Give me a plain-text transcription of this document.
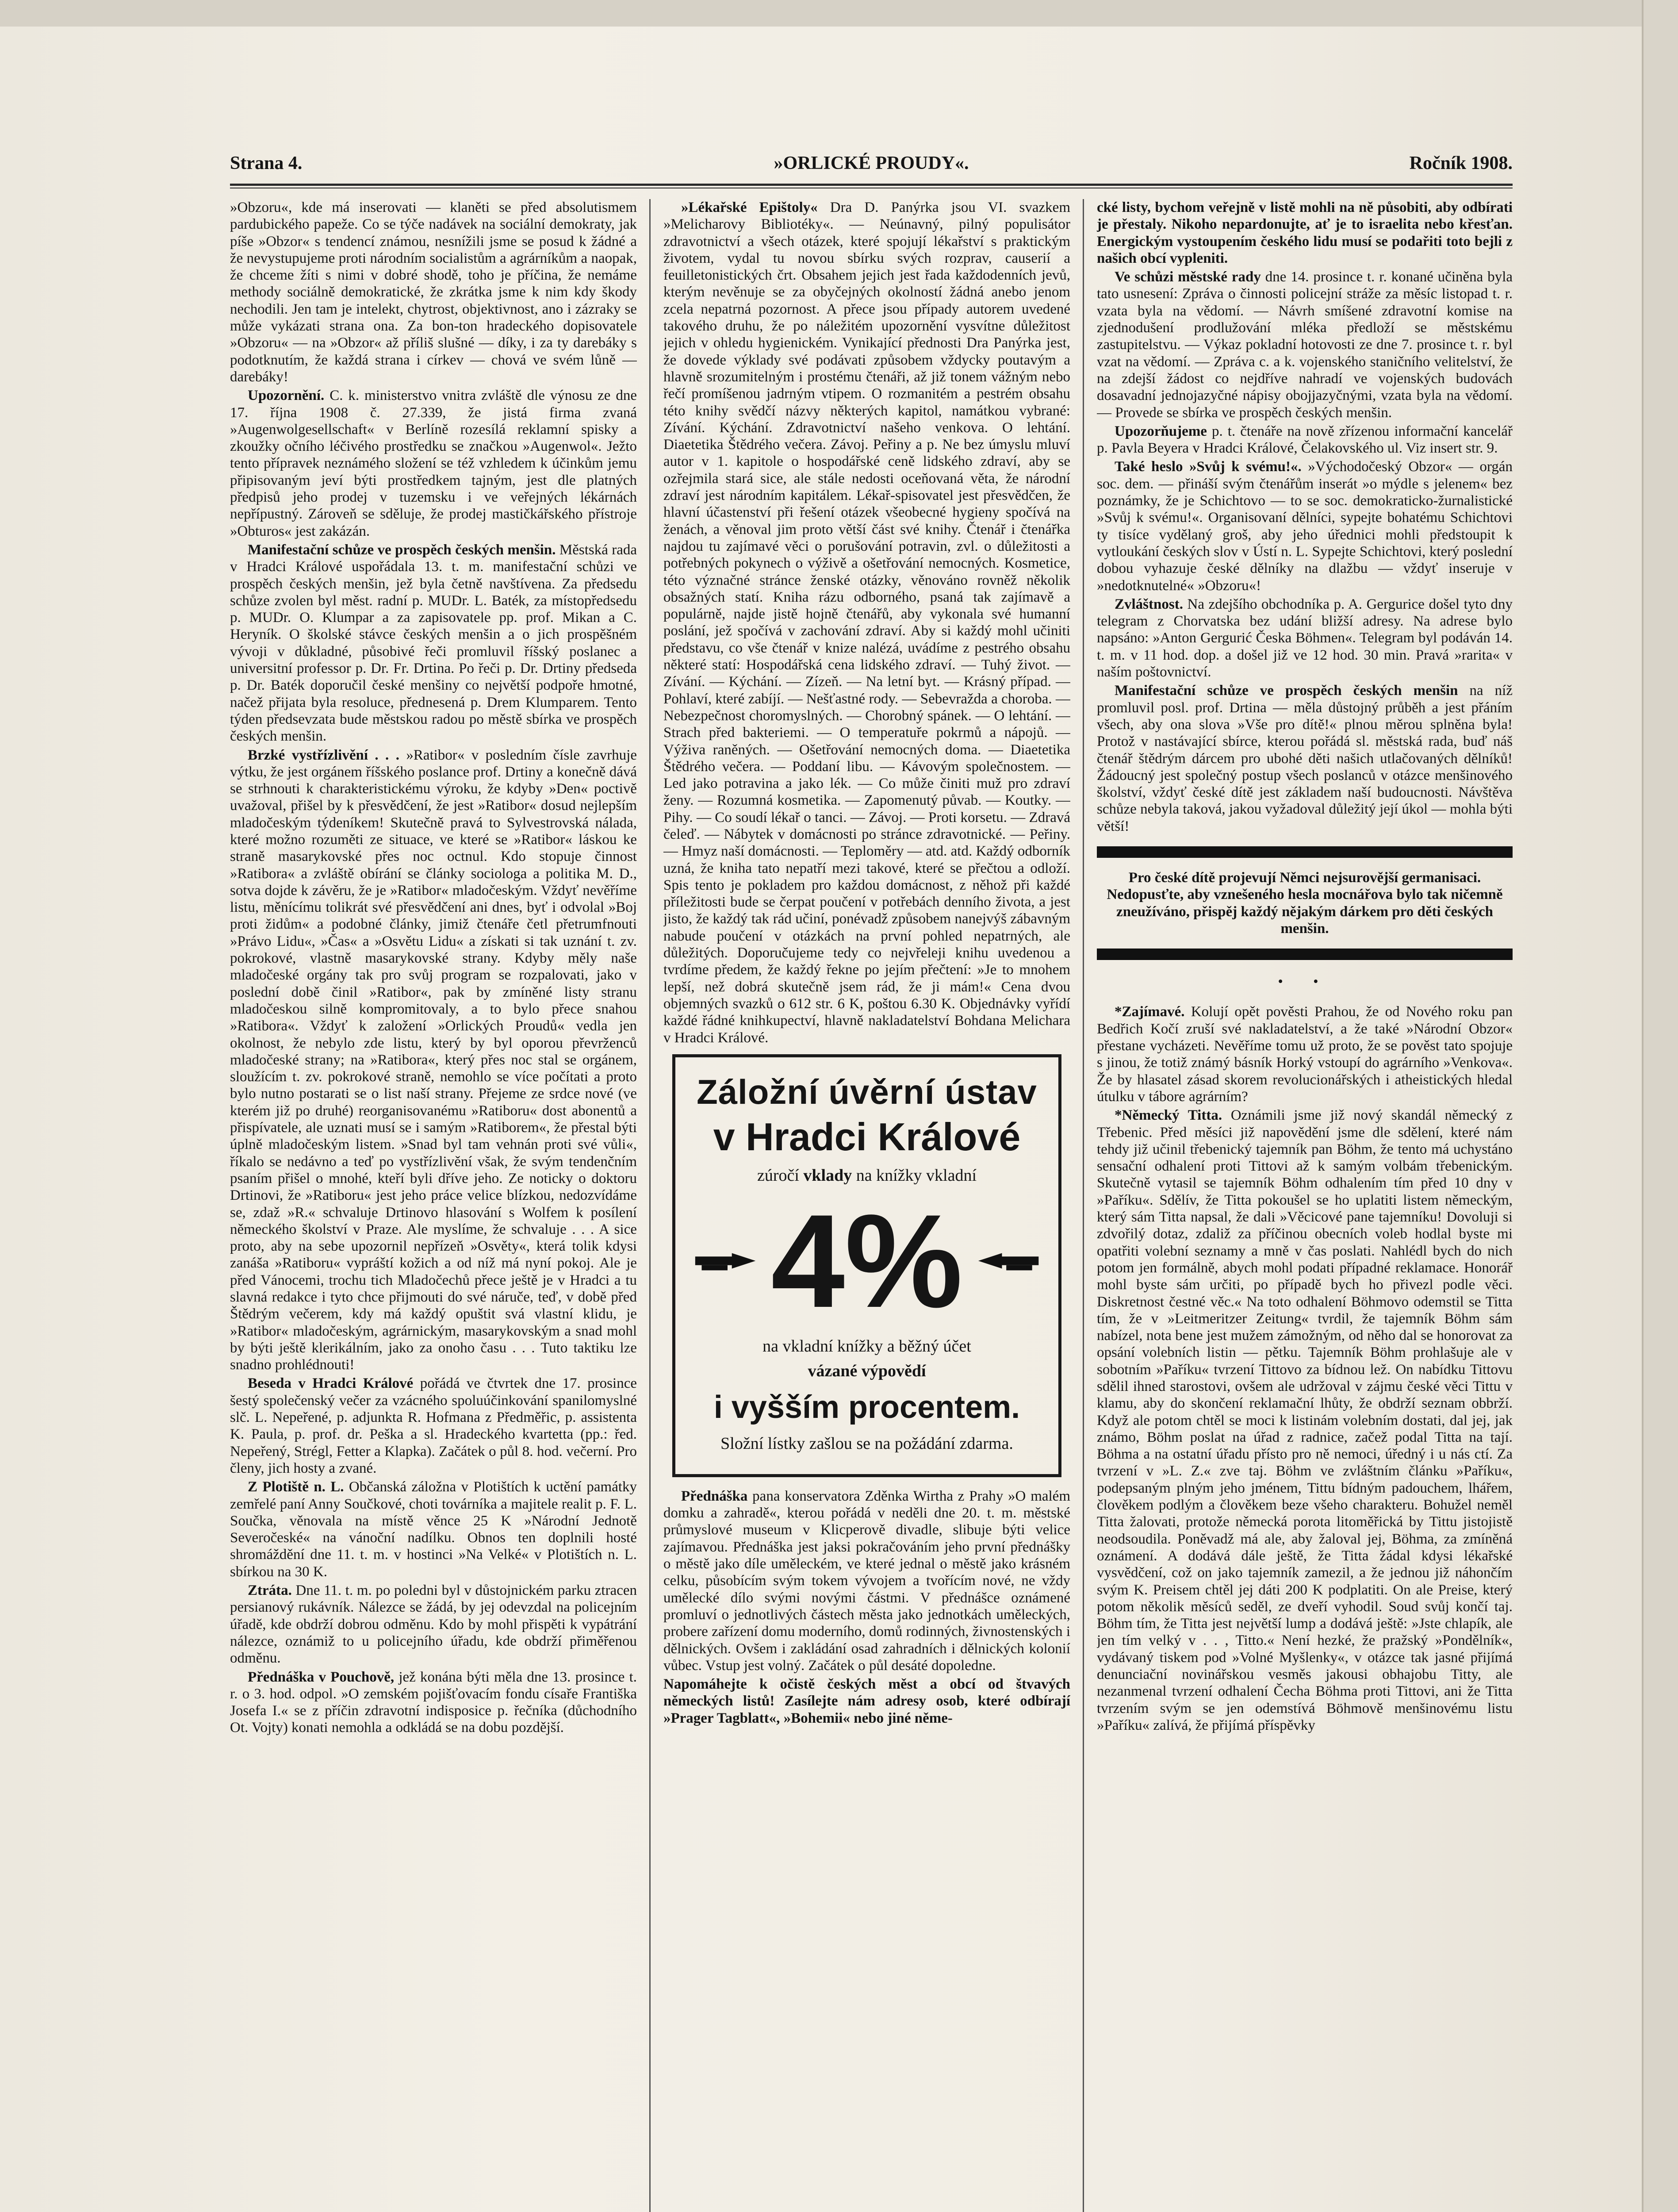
Strana 4.	»ORLICKÉ PROUDY«.	Ročník 1908.

»Obzoru«, kde má inserovati — klaněti se před absolutismem pardubického papeže. Co se týče nadávek na sociální demokraty, jak píše »Obzor« s tendencí známou, nesnížili jsme se posud k žádné a že nevystupujeme proti národním socialistům a agrárníkům a naopak, že chceme žíti s nimi v dobré shodě, toho je příčina, že nemáme methody sociálně demokratické, že zkrátka jsme k nim kdy škody nechodili. Jen tam je intelekt, chytrost, objektivnost, ano i zázraky se může vykázati strana ona. Za bon-ton hradeckého dopisovatele »Obzoru« — na »Obzor« až příliš slušné — díky, i za ty darebáky s podotknutím, že každá strana i církev — chová ve svém lůně — darebáky!

Upozornění. C. k. ministerstvo vnitra zvláště dle výnosu ze dne 17. října 1908 č. 27.339, že jistá firma zvaná »Augenwolgesellschaft« v Berlíně rozesílá reklamní spisky a zkoužky očního léčivého prostředku se značkou »Augenwol«. Ježto tento přípravek neznámého složení se též vzhledem k účinkům jemu připisovaným jeví býti prostředkem tajným, jest dle platných předpisů jeho prodej v tuzemsku i ve veřejných lékárnách nepřípustný. Zároveň se sděluje, že prodej mastičkářského přístroje »Obturos« jest zakázán.

Manifestační schůze ve prospěch českých menšin. Městská rada v Hradci Králové uspořádala 13. t. m. manifestační schůzi ve prospěch českých menšin, jež byla četně navštívena. Za předsedu schůze zvolen byl měst. radní p. MUDr. L. Baték, za místopředsedu p. MUDr. O. Klumpar a za zapisovatele pp. prof. Mikan a C. Heryník. O školské stávce českých menšin a o jich prospěšném vývoji v důkladné, působivé řeči promluvil říšský poslanec a universitní professor p. Dr. Fr. Drtina. Po řeči p. Dr. Drtiny předseda p. Dr. Baték doporučil české menšiny co největší podpoře hmotné, načež přijata byla resoluce, přednesená p. Drem Klumparem. Tento týden předsevzata bude městskou radou po městě sbírka ve prospěch českých menšin.

Brzké vystřízlivění . . . »Ratibor« v posledním čísle zavrhuje výtku, že jest orgánem říšského poslance prof. Drtiny a konečně dává se strhnouti k charakteristickému výroku, že kdyby »Den« poctivě uvažoval, přišel by k přesvědčení, že jest »Ratibor« dosud nejlepším mladočeským týdeníkem! Skutečně pravá to Sylvestrovská nálada, které možno rozuměti ze situace, ve které se »Ratibor« láskou ke straně masarykovské přes noc octnul. Kdo stopuje činnost »Ratibora« a zvláště obírání se články sociologa a politika M. D., sotva dojde k závěru, že je »Ratibor« mladočeským. Vždyť nevěříme listu, měnícímu tolikrát své přesvědčení ani dnes, byť i odvolal »Boj proti židům« a podobné články, jimiž čtenáře četl přetrumfnouti »Právo Lidu«, »Čas« a »Osvětu Lidu« a získati si tak uznání t. zv. pokrokové, vlastně masarykovské strany. Kdyby měly naše mladočeské orgány tak pro svůj program se rozpalovati, jako v poslední době činil »Ratibor«, pak by zmíněné listy stranu mladočeskou silně kompromitovaly, a to bylo přece snahou »Ratibora«. Vždyť k založení »Orlických Proudů« vedla jen okolnost, že nebylo zde listu, který by byl oporou převrženců mladočeské strany; na »Ratibora«, který přes noc stal se orgánem, sloužícím t. zv. pokrokové straně, nemohlo se více počítati a proto bylo nutno postarati se o list naší strany. Přejeme ze srdce nové (ve kterém již po druhé) reorganisovanému »Ratiboru« dost abonentů a přispívatele, ale uznati musí se i samým »Ratiborem«, že přestal býti úplně mladočeským listem. »Snad byl tam vehnán proti své vůli«, říkalo se nedávno a teď po vystřízlivění však, že svým tendenčním psaním přišel o mnohé, kteří byli dříve jeho. Ze noticky o doktoru Drtinovi, že »Ratiboru« jest jeho práce velice blízkou, nedozvídáme se, zdaž »R.« schvaluje Drtinovo hlasování s Wolfem k posílení německého školství v Praze. Ale myslíme, že schvaluje . . . A sice proto, aby na sebe upozornil nepřízeň »Osvěty«, která tolik kdysi zanáša »Ratiboru« vypráští kožich a od níž má nyní pokoj. Ale je před Vánocemi, trochu tich Mladočechů přece ještě je v Hradci a tu slavná redakce i tyto chce přijmouti do své náruče, teď, v době před Štědrým večerem, kdy má každý opuštit svá vlastní klidu, je »Ratibor« mladočeským, agrárnickým, masarykovským a snad mohl by býti ještě klerikálním, jako za onoho času . . . Tuto taktiku lze snadno prohlédnouti!

Beseda v Hradci Králové pořádá ve čtvrtek dne 17. prosince šestý společenský večer za vzácného spoluúčinkování spanilomyslné slč. L. Nepeřené, p. adjunkta R. Hofmana z Předměřic, p. assistenta K. Paula, p. prof. dr. Peška a sl. Hradeckého kvartetta (pp.: řed. Nepeřený, Strégl, Fetter a Klapka). Začátek o půl 8. hod. večerní. Pro členy, jich hosty a zvané.

Z Plotiště n. L. Občanská záložna v Plotištích k uctění památky zemřelé paní Anny Součkové, choti továrníka a majitele realit p. F. L. Součka, věnovala na místě věnce 25 K »Národní Jednotě Severočeské« na vánoční nadílku. Obnos ten doplnili hosté shromáždění dne 11. t. m. v hostinci »Na Velké« v Plotištích n. L. sbírkou na 30 K.

Ztráta. Dne 11. t. m. po poledni byl v důstojnickém parku ztracen persianový rukávník. Nálezce se žádá, by jej odevzdal na policejním úřadě, kde obdrží dobrou odměnu. Kdo by mohl přispěti k vypátrání nálezce, oznámiž to u policejního úřadu, kde obdrží přiměřenou odměnu.

Přednáška v Pouchově, jež konána býti měla dne 13. prosince t. r. o 3. hod. odpol. »O zemském pojišťovacím fondu císaře Františka Josefa I.« se z příčin zdravotní indisposice p. řečníka (důchodního Ot. Vojty) konati nemohla a odkládá se na dobu pozdější.

»Lékařské Epištoly« Dra D. Panýrka jsou VI. svazkem »Melicharovy Bibliotéky«. — Neúnavný, pilný populisátor zdravotnictví a všech otázek, které spojují lékařství s praktickým životem, vydal tu novou sbírku svých rozprav, causerií a feuilletonistických črt. Obsahem jejich jest řada každodenních jevů, kterým nevěnuje se za obyčejných okolností žádná anebo jenom zcela nepatrná pozornost. A přece jsou případy autorem uvedené takového druhu, že po náležitém upozornění vysvítne důležitost jejich v ohledu hygienickém. Vynikající přednosti Dra Panýrka jest, že dovede výklady své podávati způsobem vždycky poutavým a hlavně srozumitelným i prostému čtenáři, až již tonem vážným nebo řečí promíšenou jadrným vtipem. O rozmanitém a pestrém obsahu této knihy svědčí názvy některých kapitol, namátkou vybrané: Zívání. Kýchání. Zdravotnictví našeho venkova. O lehtání. Diaetetika Štědrého večera. Závoj. Peřiny a p. Ne bez úmyslu mluví autor v 1. kapitole o hospodářské ceně lidského zdraví, aby se ozřejmila stará sice, ale stále nedosti oceňovaná věta, že národní zdraví jest národním kapitálem. Lékař-spisovatel jest přesvědčen, že hlavní účastenství při řešení otázek všeobecné hygieny spočívá na ženách, a věnoval jim proto větší část své knihy. Čtenář i čtenářka najdou tu zajímavé věci o porušování potravin, zvl. o důležitosti a potřebných pokynech o výživě a ošetřování nemocných. Kosmetice, této význačné stránce ženské otázky, věnováno rovněž několik obsažných statí. Kniha rázu odborného, psaná tak zajímavě a populárně, najde jistě hojně čtenářů, aby vykonala své humanní poslání, jež spočívá v zachování zdraví. Aby si každý mohl učiniti představu, co vše čtenář v knize nalézá, uvádíme z pestrého obsahu některé statí: Hospodářská cena lidského zdraví. — Tuhý život. — Zívání. — Kýchání. — Zízeň. — Na letní byt. — Krásný případ. — Pohlaví, které zabíjí. — Nešťastné rody. — Sebevražda a choroba. — Nebezpečnost choromyslných. — Chorobný spánek. — O lehtání. — Strach před bakteriemi. — O temperatuře pokrmů a nápojů. — Výživa raněných. — Ošetřování nemocných doma. — Diaetetika Štědrého večera. — Poddaní libu. — Kávovým společnostem. — Led jako potravina a jako lék. — Co může činiti muž pro zdraví ženy. — Rozumná kosmetika. — Zapomenutý půvab. — Koutky. — Pihy. — Co soudí lékař o tanci. — Závoj. — Proti korsetu. — Zdravá čeleď. — Nábytek v domácnosti po stránce zdravotnické. — Peřiny. — Hmyz naší domácnosti. — Teploměry — atd. atd. Každý odborník uzná, že kniha tato nepatří mezi takové, které se přečtou a odloží. Spis tento je pokladem pro každou domácnost, z něhož při každé příležitosti bude se čerpat poučení v potřebách denního života, a jest jisto, že každý tak rád učiní, ponévadž způsobem nanejvýš zábavným nabude poučení v otázkách na první pohled nepatrných, ale důležitých. Doporučujeme tedy co nejvřeleji knihu uvedenou a tvrdíme předem, že každý řekne po jejím přečtení: »Je to mnohem lepší, než dobrá skutečně jsem rád, že ji mám!« Cena dvou objemných svazků o 612 str. 6 K, poštou 6.30 K. Objednávky vyřídí každé řádné knihkupectví, hlavně nakladatelství Bohdana Melichara v Hradci Králové.

Záložní úvěrní ústav
v Hradci Králové
zúročí vklady na knížky vkladní
4%
na vkladní knížky a běžný účet
vázané výpovědí
i vyšším procentem.
Složní lístky zašlou se na požádání zdarma.

Přednáška pana konservatora Zděnka Wirtha z Prahy »O malém domku a zahradě«, kterou pořádá v neděli dne 20. t. m. městské průmyslové museum v Klicperově divadle, slibuje býti velice zajímavou. Přednáška jest jaksi pokračováním jeho první přednášky o městě jako díle uměleckém, ve které jednal o městě jako krásném celku, působícím svým tokem vývojem a tvořícím nové, ne vždy umělecké dílo svými novými částmi. V přednášce oznámené promluví o jednotlivých částech města jako jednotkách uměleckých, probere zařízení domu moderního, domů rodinných, živnostenských i dělnických. Ovšem i zakládání osad zahradních i dělnických kolonií vůbec. Vstup jest volný. Začátek o půl desáté dopoledne.

Napomáhejte k očistě českých měst a obcí od štvavých německých listů! Zasílejte nám adresy osob, které odbírají »Prager Tagblatt«, »Bohemii« nebo jiné něme-

cké listy, bychom veřejně v listě mohli na ně působiti, aby odbírati je přestaly. Nikoho nepardonujte, ať je to israelita nebo křesťan. Energickým vystoupením českého lidu musí se podařiti toto bejli z našich obcí vypleniti.

Ve schůzi městské rady dne 14. prosince t. r. konané učiněna byla tato usnesení: Zpráva o činnosti policejní stráže za měsíc listopad t. r. vzata byla na vědomí. — Návrh smíšené zdravotní komise na zjednodušení prodlužování mléka předloží se městskému zastupitelstvu. — Výkaz pokladní hotovosti ze dne 7. prosince t. r. byl vzat na vědomí. — Zpráva c. a k. vojenského staničního velitelství, že na zdejší žádost co nejdříve nahradí ve vojenských budovách dosavadní jednojazyčné nápisy obojjazyčnými, vzata byla na vědomí. — Provede se sbírka ve prospěch českých menšin.

Upozorňujeme p. t. čtenáře na nově zřízenou informační kancelář p. Pavla Beyera v Hradci Králové, Čelakovského ul. Viz insert str. 9.

Také heslo »Svůj k svému!«. »Východočeský Obzor« — orgán soc. dem. — přináší svým čtenářům inserát »o mýdle s jelenem« bez poznámky, že je Schichtovo — to se soc. demokraticko-žurnalistické »Svůj k svému!«. Organisovaní dělníci, sypejte bohatému Schichtovi ty tisíce vydělaný groš, aby jeho úřednici mohli předstoupit k vytloukání českých slov v Ústí n. L. Sypejte Schichtovi, který poslední dobou vyhazuje české dělníky na dlažbu — vždyť inseruje v »nedotknutelné« »Obzoru«!

Zvláštnost. Na zdejšího obchodníka p. A. Gergurice došel tyto dny telegram z Chorvatska bez udání bližší adresy. Na adrese bylo napsáno: »Anton Gergurić Česka Böhmen«. Telegram byl podáván 14. t. m. v 11 hod. dop. a došel již ve 12 hod. 30 min. Pravá »rarita« v naším poštovnictví.

Manifestační schůze ve prospěch českých menšin na níž promluvil posl. prof. Drtina — měla důstojný průběh a jest přáním všech, aby ona slova »Vše pro dítě!« plnou měrou splněna byla! Protož v nastávající sbírce, kterou pořádá sl. městská rada, buď náš čtenář štědrým dárcem pro ubohé děti našich utlačovaných dělníků! Žádoucný jest společný postup všech poslanců v otázce menšinového školství, vždyť české dítě jest základem naší budoucnosti. Návštěva schůze nebyla taková, jakou vyžadoval důležitý její úkol — mohla býti větší!

Pro české dítě projevují Němci nejsurovější germanisaci. Nedopusťte, aby vznešeného hesla mocnářova bylo tak ničemně zneužíváno, přispěj každý nějakým dárkem pro děti českých menšin.

• •

*Zajímavé. Kolují opět pověsti Prahou, že od Nového roku pan Bedřich Kočí zruší své nakladatelství, a že také »Národní Obzor« přestane vycházeti. Nevěříme tomu už proto, že se pověst tato spojuje s jinou, že totiž známý básník Horký vstoupí do agrárního »Venkova«. Že by hlasatel zásad skorem revolucionářských i atheistických hledal útulku v tábore agrárním?

*Německý Titta. Oznámili jsme již nový skandál německý z Třebenic. Před měsíci již napovědění jsme dle sdělení, které nám tehdy již učinil třebenický tajemník pan Böhm, že tento má uchystáno sensační odhalení proti Tittovi až k samým volbám třebenickým. Skutečně vytasil se tajemník Böhm odhalením tím před 10 dny v »Paříku«. Sdělív, že Titta pokoušel se ho uplatiti listem německým, který sám Titta napsal, že dali »Věcicové pane tajemníku! Dovoluji si zdvořilý dotaz, zdaliž za příčinou obecních voleb hodlal byste mi opatřiti volební seznamy a mně v čas poslati. Nahlédl bych do nich potom jen formálně, abych mohl podati případné reklamace. Honorář mohl byste sám určiti, po případě bych ho přivezl podle věci. Diskretnost čestné věc.« Na toto odhalení Böhmovo odemstil se Titta tím, že v »Leitmeritzer Zeitung« tvrdil, že tajemník Böhm sám nabízel, nota bene jest mužem zámožným, od něho dal se honorovat za opsání volebních listin — pětku. Tajemník Böhm prohlašuje ale v sobotním »Paříku« tvrzení Tittovo za bídnou lež. On nabídku Tittovu sdělil ihned starostovi, ovšem ale udržoval v zájmu české věci Tittu v klamu, aby do skončení reklamační lhůty, že obdrží seznam obbrží. Když ale potom chtěl se moci k listinám volebním dostati, dal jej, jak známo, Böhm poslat na úřad z radnice, začež podal Titta na tají. Böhma a na ostatní úřadu přísto pro ně nemoci, úředný i u nás ctí. Za tvrzení v »L. Z.« zve taj. Böhm ve zvláštním článku »Paříku«, podepsaným plným jeho jménem, Tittu bídným padouchem, lhářem, člověkem podlým a člověkem beze všeho charakteru. Bohužel neměl Titta žalovati, protože německá porota litoměřická by Tittu jistojistě neodsoudila. Poněvadž má ale, aby žaloval jej, Böhma, za zmíněná oznámení. A dodává dále ještě, že Titta žádal kdysi lékařské vysvědčení, což on jako tajemník zamezil, a že jednou již náhončím svým K. Preisem chtěl jej dáti 200 K podplatiti. On ale Preise, který potom několik měsíců seděl, ze dveří vyhodil. Soud svůj končí taj. Böhm tím, že Titta jest největší lump a dodává ještě: »Jste chlapík, ale jen tím velký v . . , Titto.« Není hezké, že pražský »Pondělník«, vydávaný tiskem pod »Volné Myšlenky«, v otázce tak jasné přijímá denunciační novinářskou vesměs jakousi obhajobu Titty, ale nezanmenal tvrzení odhalení Čecha Böhma proti Tittovi, ani že Titta tvrzením svým se jen odemstívá Böhmově menšinovému listu »Paříku« zalívá, že přijímá příspěvky
